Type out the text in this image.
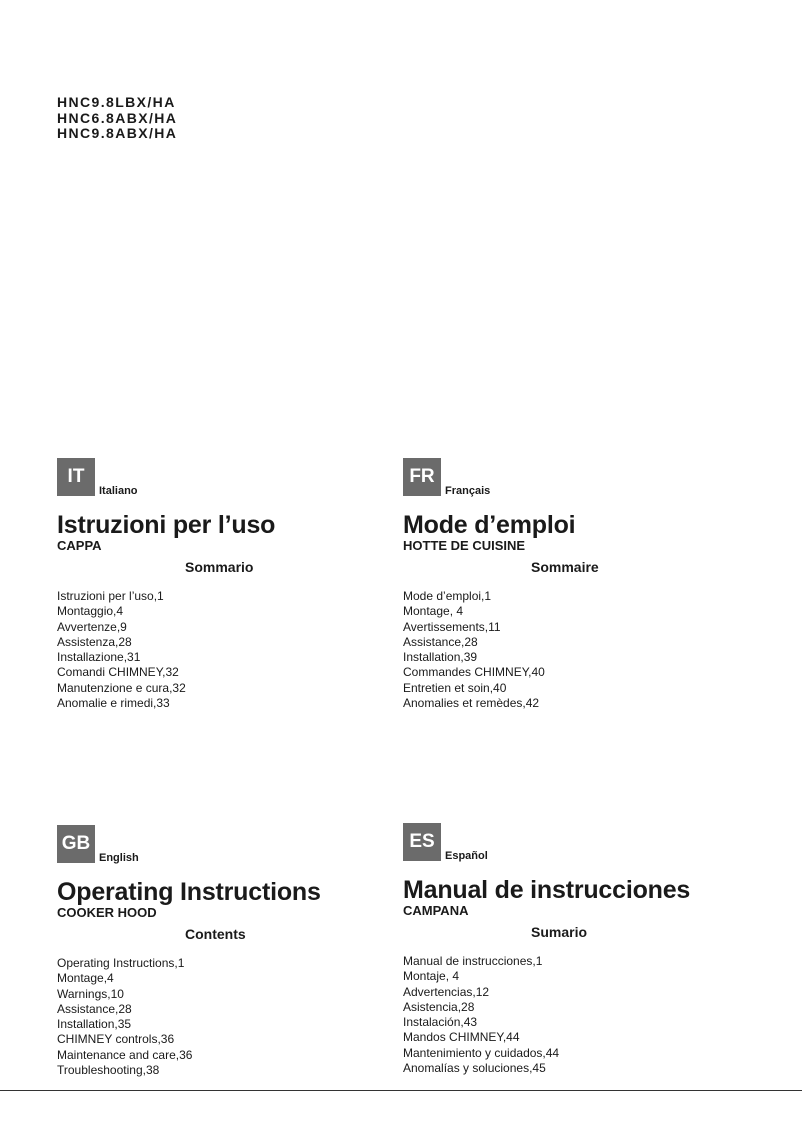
HNC9.8LBX/HA
HNC6.8ABX/HA
HNC9.8ABX/HA
IT
Italiano
Istruzioni per l’uso
CAPPA
Sommario
Istruzioni per l’uso,1
Montaggio,4
Avvertenze,9
Assistenza,28
Installazione,31
Comandi CHIMNEY,32
Manutenzione e cura,32
Anomalie e rimedi,33
FR
Français
Mode d’emploi
HOTTE DE CUISINE
Sommaire
Mode d’emploi,1
Montage, 4
Avertissements,11
Assistance,28
Installation,39
Commandes CHIMNEY,40
Entretien et soin,40
Anomalies et remèdes,42
GB
English
Operating Instructions
COOKER HOOD
Contents
Operating Instructions,1
Montage,4
Warnings,10
Assistance,28
Installation,35
CHIMNEY controls,36
Maintenance and care,36
Troubleshooting,38
ES
Español
Manual de instrucciones
CAMPANA
Sumario
Manual de instrucciones,1
Montaje, 4
Advertencias,12
Asistencia,28
Instalación,43
Mandos CHIMNEY,44
Mantenimiento y cuidados,44
Anomalías y soluciones,45
